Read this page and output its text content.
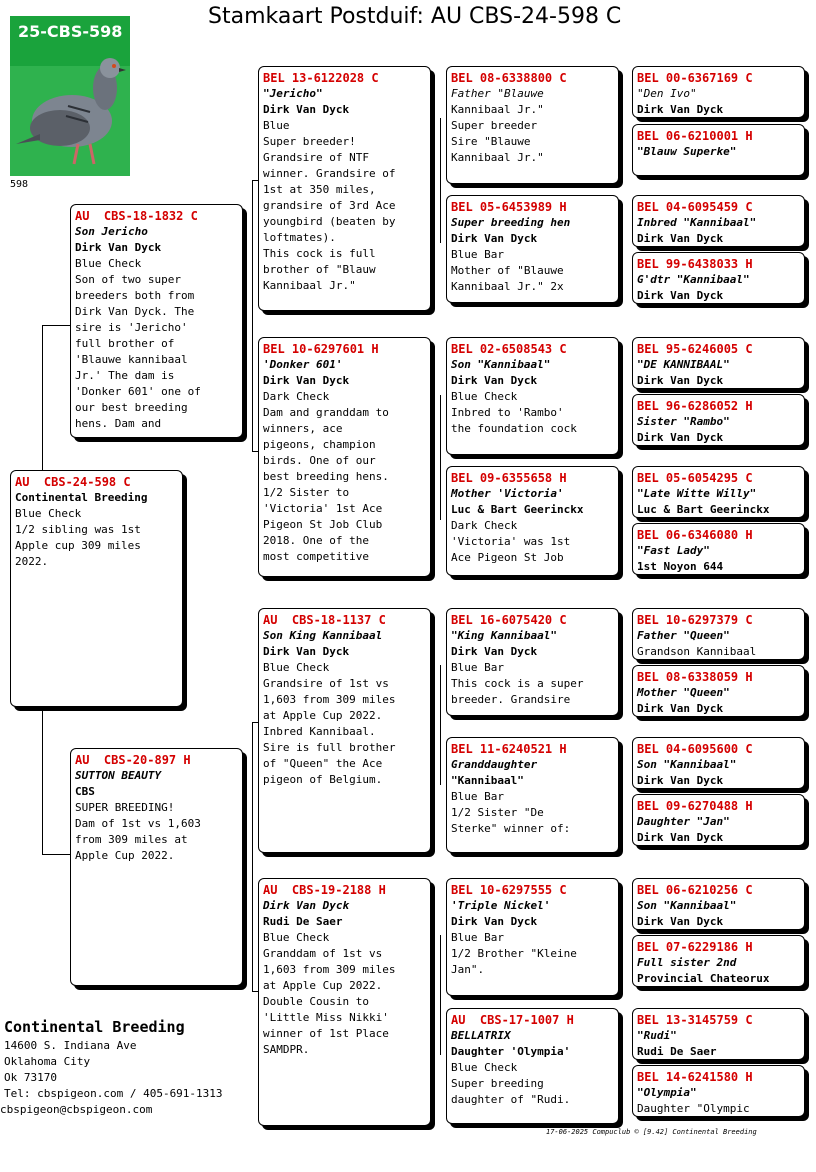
Stamkaart Postduif: AU CBS-24-598 C
25-CBS-598
598
AU  CBS-24-598 C
Continental Breeding
Blue Check
1/2 sibling was 1st
Apple cup 309 miles
2022.
AU  CBS-18-1832 C
Son Jericho
Dirk Van Dyck
Blue Check
Son of two super
breeders both from
Dirk Van Dyck. The
sire is 'Jericho'
full brother of
'Blauwe kannibaal
Jr.' The dam is
'Donker 601' one of
our best breeding
hens. Dam and
AU  CBS-20-897 H
SUTTON BEAUTY
CBS
SUPER BREEDING!
Dam of 1st vs 1,603
from 309 miles at
Apple Cup 2022.
BEL 13-6122028 C
"Jericho"
Dirk Van Dyck
Blue
Super breeder!
Grandsire of NTF
winner. Grandsire of
1st at 350 miles,
grandsire of 3rd Ace
youngbird (beaten by
loftmates).
This cock is full
brother of "Blauw
Kannibaal Jr."
BEL 10-6297601 H
'Donker 601'
Dirk Van Dyck
Dark Check
Dam and granddam to
winners, ace
pigeons, champion
birds. One of our
best breeding hens.
1/2 Sister to
'Victoria' 1st Ace
Pigeon St Job Club
2018. One of the
most competitive
AU  CBS-18-1137 C
Son King Kannibaal
Dirk Van Dyck
Blue Check
Grandsire of 1st vs
1,603 from 309 miles
at Apple Cup 2022.
Inbred Kannibaal.
Sire is full brother
of "Queen" the Ace
pigeon of Belgium.
AU  CBS-19-2188 H
Dirk Van Dyck
Rudi De Saer
Blue Check
Granddam of 1st vs
1,603 from 309 miles
at Apple Cup 2022.
Double Cousin to
'Little Miss Nikki'
winner of 1st Place
SAMDPR.
BEL 08-6338800 C
Father "Blauwe
Kannibaal Jr."
Super breeder
Sire "Blauwe
Kannibaal Jr."
BEL 05-6453989 H
Super breeding hen
Dirk Van Dyck
Blue Bar
Mother of "Blauwe
Kannibaal Jr." 2x
BEL 02-6508543 C
Son "Kannibaal"
Dirk Van Dyck
Blue Check
Inbred to 'Rambo'
the foundation cock
BEL 09-6355658 H
Mother 'Victoria'
Luc & Bart Geerinckx
Dark Check
'Victoria' was 1st
Ace Pigeon St Job
BEL 16-6075420 C
"King Kannibaal"
Dirk Van Dyck
Blue Bar
This cock is a super
breeder. Grandsire
BEL 11-6240521 H
Granddaughter
"Kannibaal"
Blue Bar
1/2 Sister "De
Sterke" winner of:
BEL 10-6297555 C
'Triple Nickel'
Dirk Van Dyck
Blue Bar
1/2 Brother "Kleine
Jan".
AU  CBS-17-1007 H
BELLATRIX
Daughter 'Olympia'
Blue Check
Super breeding
daughter of "Rudi.
BEL 00-6367169 C
"Den Ivo"
Dirk Van Dyck
BEL 06-6210001 H
"Blauw Superke"
BEL 04-6095459 C
Inbred "Kannibaal"
Dirk Van Dyck
BEL 99-6438033 H
G'dtr "Kannibaal"
Dirk Van Dyck
BEL 95-6246005 C
"DE KANNIBAAL"
Dirk Van Dyck
BEL 96-6286052 H
Sister "Rambo"
Dirk Van Dyck
BEL 05-6054295 C
"Late Witte Willy"
Luc & Bart Geerinckx
BEL 06-6346080 H
"Fast Lady"
1st Noyon 644
BEL 10-6297379 C
Father "Queen"
Grandson Kannibaal
BEL 08-6338059 H
Mother "Queen"
Dirk Van Dyck
BEL 04-6095600 C
Son "Kannibaal"
Dirk Van Dyck
BEL 09-6270488 H
Daughter "Jan"
Dirk Van Dyck
BEL 06-6210256 C
Son "Kannibaal"
Dirk Van Dyck
BEL 07-6229186 H
Full sister 2nd
Provincial Chateorux
BEL 13-3145759 C
"Rudi"
Rudi De Saer
BEL 14-6241580 H
"Olympia"
Daughter "Olympic
Continental Breeding
14600 S. Indiana Ave
Oklahoma City
Ok 73170
Tel: cbspigeon.com / 405-691-1313
cbspigeon@cbspigeon.com
17-06-2025 Compuclub © [9.42] Continental Breeding
